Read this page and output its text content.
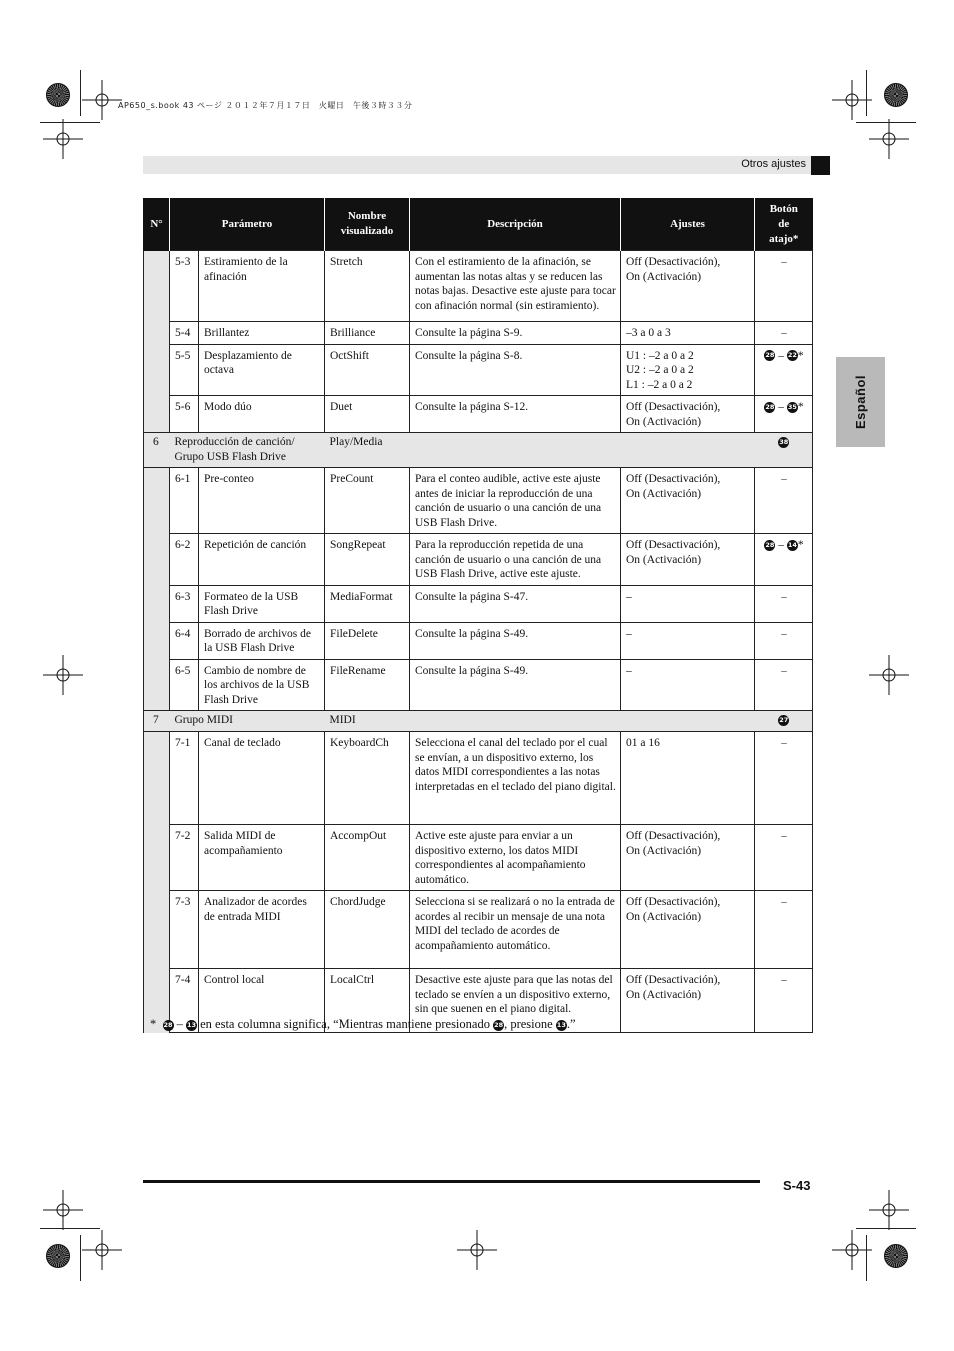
AP650_s.book 43 ページ ２０１２年７月１７日　火曜日　午後３時３３分
Otros ajustes
Español
N°	Parámetro		Nombre
visualizado	Descripción	Ajustes	Botón
de
atajo*
	5-3	Estiramiento de la afinación	Stretch	Con el estiramiento de la afinación, se aumentan las notas altas y se reducen las notas bajas. Desactive este ajuste para tocar con afinación normal (sin estiramiento).	Off (Desactivación),
On (Activación)	–
	5-4	Brillantez	Brilliance	Consulte la página S-9.	–3 a 0 a 3	–
	5-5	Desplazamiento de octava	OctShift	Consulte la página S-8.	U1 : –2 a 0 a 2
U2 : –2 a 0 a 2
L1 : –2 a 0 a 2	28 – 22*
	5-6	Modo dúo	Duet	Consulte la página S-12.	Off (Desactivación),
On (Activación)	28 – 35*
6	Reproducción de canción/ Grupo USB Flash Drive		Play/Media			38
	6-1	Pre-conteo	PreCount	Para el conteo audible, active este ajuste antes de iniciar la reproducción de una canción de usuario o una canción de una USB Flash Drive.	Off (Desactivación),
On (Activación)	–
	6-2	Repetición de canción	SongRepeat	Para la reproducción repetida de una canción de usuario o una canción de una USB Flash Drive, active este ajuste.	Off (Desactivación),
On (Activación)	28 – 14*
	6-3	Formateo de la USB Flash Drive	MediaFormat	Consulte la página S-47.	–	–
	6-4	Borrado de archivos de la USB Flash Drive	FileDelete	Consulte la página S-49.	–	–
	6-5	Cambio de nombre de los archivos de la USB Flash Drive	FileRename	Consulte la página S-49.	–	–
7	Grupo MIDI		MIDI			27
	7-1	Canal de teclado	KeyboardCh	Selecciona el canal del teclado por el cual se envían, a un dispositivo externo, los datos MIDI correspondientes a las notas interpretadas en el teclado del piano digital.	01 a 16	–
	7-2	Salida MIDI de acompañamiento	AccompOut	Active este ajuste para enviar a un dispositivo externo, los datos MIDI correspondientes al acompañamiento automático.	Off (Desactivación),
On (Activación)	–
	7-3	Analizador de acordes de entrada MIDI	ChordJudge	Selecciona si se realizará o no la entrada de acordes al recibir un mensaje de una nota MIDI del teclado de acordes de acompañamiento automático.	Off (Desactivación),
On (Activación)	–
	7-4	Control local	LocalCtrl	Desactive este ajuste para que las notas del teclado se envíen a un dispositivo externo, sin que suenen en el piano digital.	Off (Desactivación),
On (Activación)	–
* 28 – 13 en esta columna significa, “Mientras mantiene presionado 28, presione 13.”
S-43
